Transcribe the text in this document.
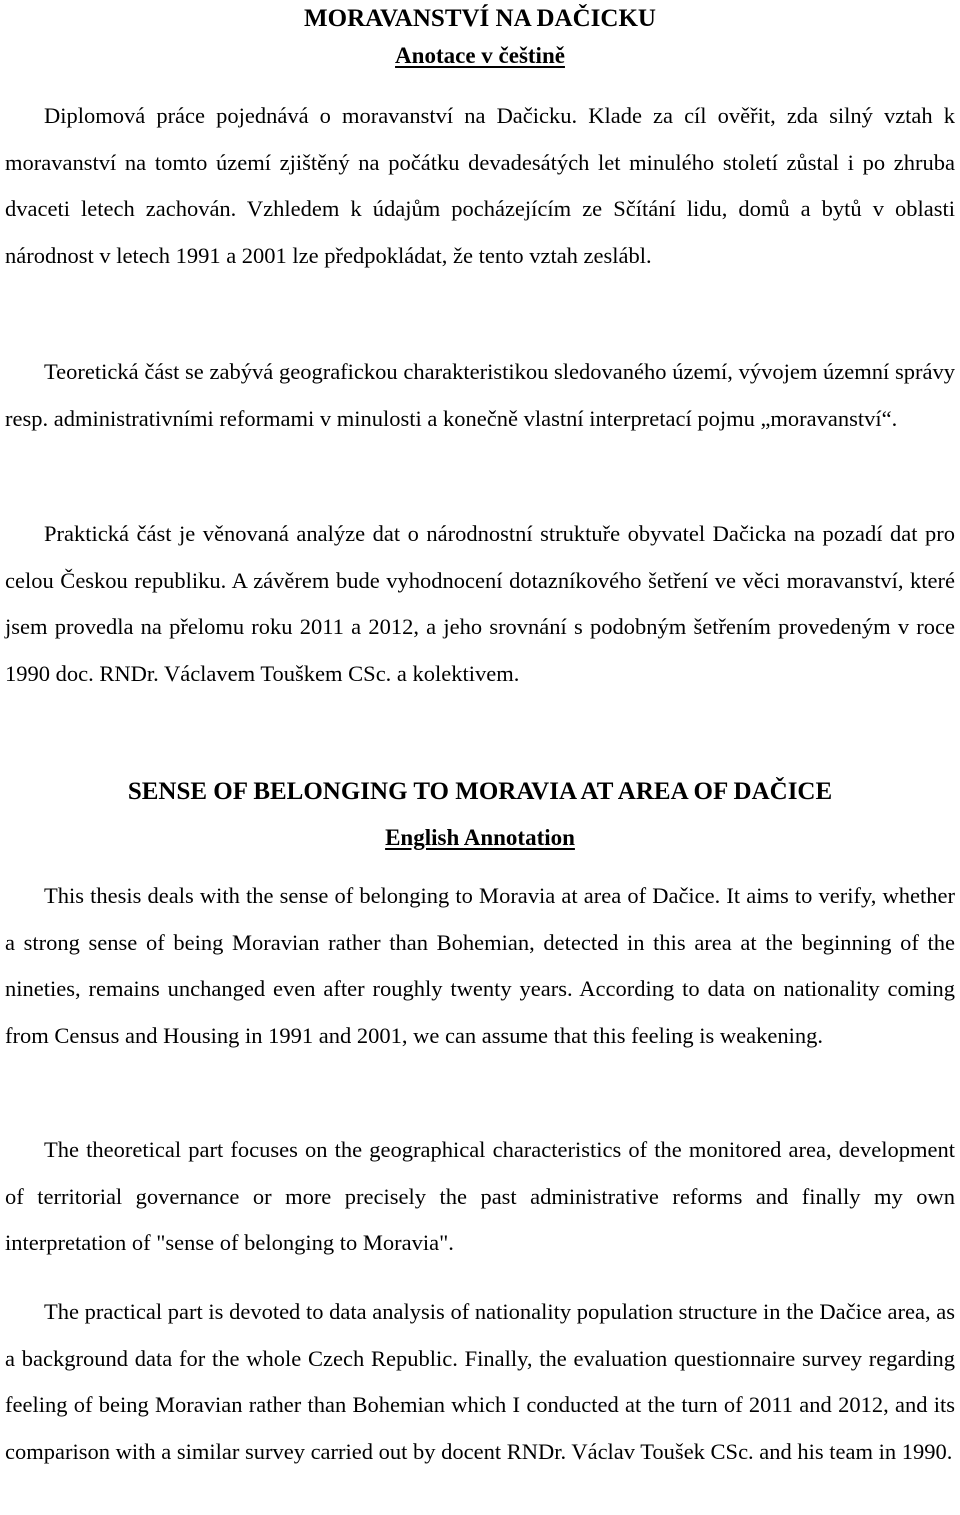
MORAVANSTVÍ NA DAČICKU
Anotace v češtině

Diplomová práce pojednává o moravanství na Dačicku. Klade za cíl ověřit, zda silný vztah k moravanství na tomto území zjištěný na počátku devadesátých let minulého století zůstal i po zhruba dvaceti letech zachován. Vzhledem k údajům pocházejícím ze Sčítání lidu, domů a bytů v oblasti národnost v letech 1991 a 2001 lze předpokládat, že tento vztah zeslábl.

Teoretická část se zabývá geografickou charakteristikou sledovaného území, vývojem územní správy resp. administrativními reformami v minulosti a konečně vlastní interpretací pojmu „moravanství“.

Praktická část je věnovaná analýze dat o národnostní struktuře obyvatel Dačicka na pozadí dat pro celou Českou republiku. A závěrem bude vyhodnocení dotazníkového šetření ve věci moravanství, které jsem provedla na přelomu roku 2011 a 2012, a jeho srovnání s podobným šetřením provedeným v roce 1990 doc. RNDr. Václavem Touškem CSc. a kolektivem.

SENSE OF BELONGING TO MORAVIA AT AREA OF DAČICE
English Annotation

This thesis deals with the sense of belonging to Moravia at area of Dačice. It aims to verify, whether a strong sense of being Moravian rather than Bohemian, detected in this area at the beginning of the nineties, remains unchanged even after roughly twenty years. According to data on nationality coming from Census and Housing in 1991 and 2001, we can assume that this feeling is weakening.

The theoretical part focuses on the geographical characteristics of the monitored area, development of territorial governance or more precisely the past administrative reforms and finally my own interpretation of "sense of belonging to Moravia".

The practical part is devoted to data analysis of nationality population structure in the Dačice area, as a background data for the whole Czech Republic. Finally, the evaluation questionnaire survey regarding feeling of being Moravian rather than Bohemian which I conducted at the turn of 2011 and 2012, and its comparison with a similar survey carried out by docent RNDr. Václav Toušek CSc. and his team in 1990.
